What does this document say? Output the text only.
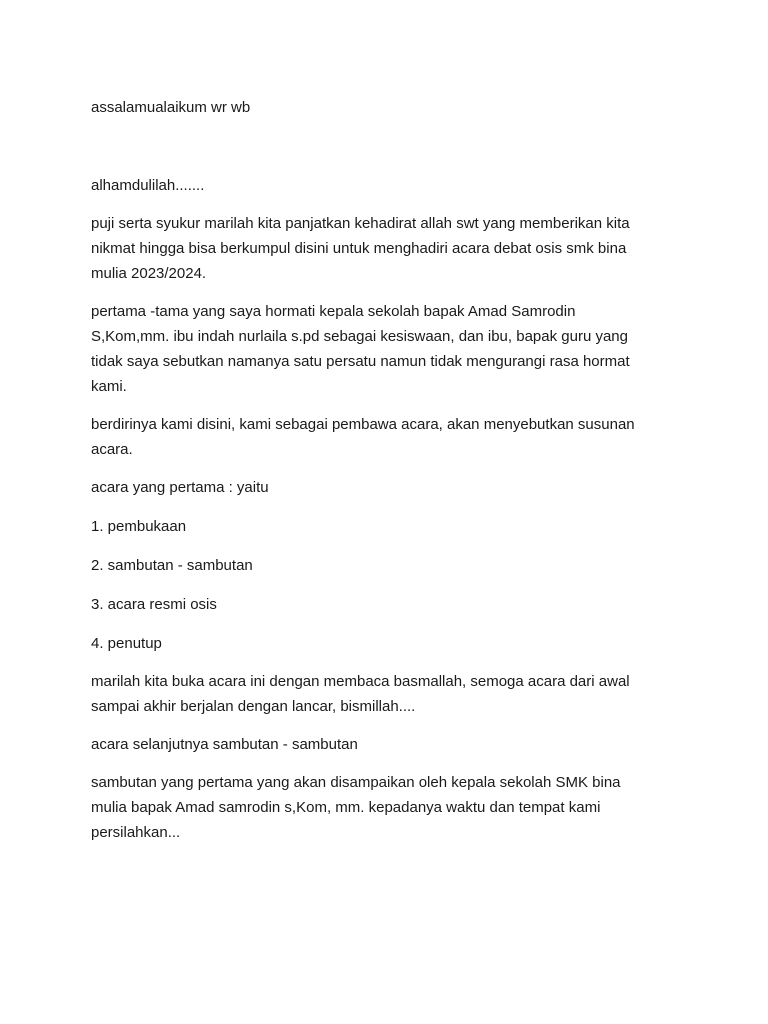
assalamualaikum wr wb

alhamdulilah.......

puji serta syukur marilah kita panjatkan kehadirat allah swt yang memberikan kita
nikmat hingga bisa berkumpul disini untuk menghadiri acara debat osis smk bina
mulia 2023/2024.

pertama -tama yang saya hormati kepala sekolah bapak Amad Samrodin
S,Kom,mm. ibu indah nurlaila s.pd sebagai kesiswaan, dan ibu, bapak guru yang
tidak saya sebutkan namanya satu persatu namun tidak mengurangi rasa hormat
kami.

berdirinya kami disini, kami sebagai pembawa acara, akan menyebutkan susunan
acara.

acara yang pertama : yaitu

1. pembukaan

2. sambutan - sambutan

3. acara resmi osis

4. penutup

marilah kita buka acara ini dengan membaca basmallah, semoga acara dari awal
sampai akhir berjalan dengan lancar, bismillah....

acara selanjutnya sambutan - sambutan

sambutan yang pertama yang akan disampaikan oleh kepala sekolah SMK bina
mulia bapak Amad samrodin s,Kom, mm. kepadanya waktu dan tempat kami
persilahkan...
